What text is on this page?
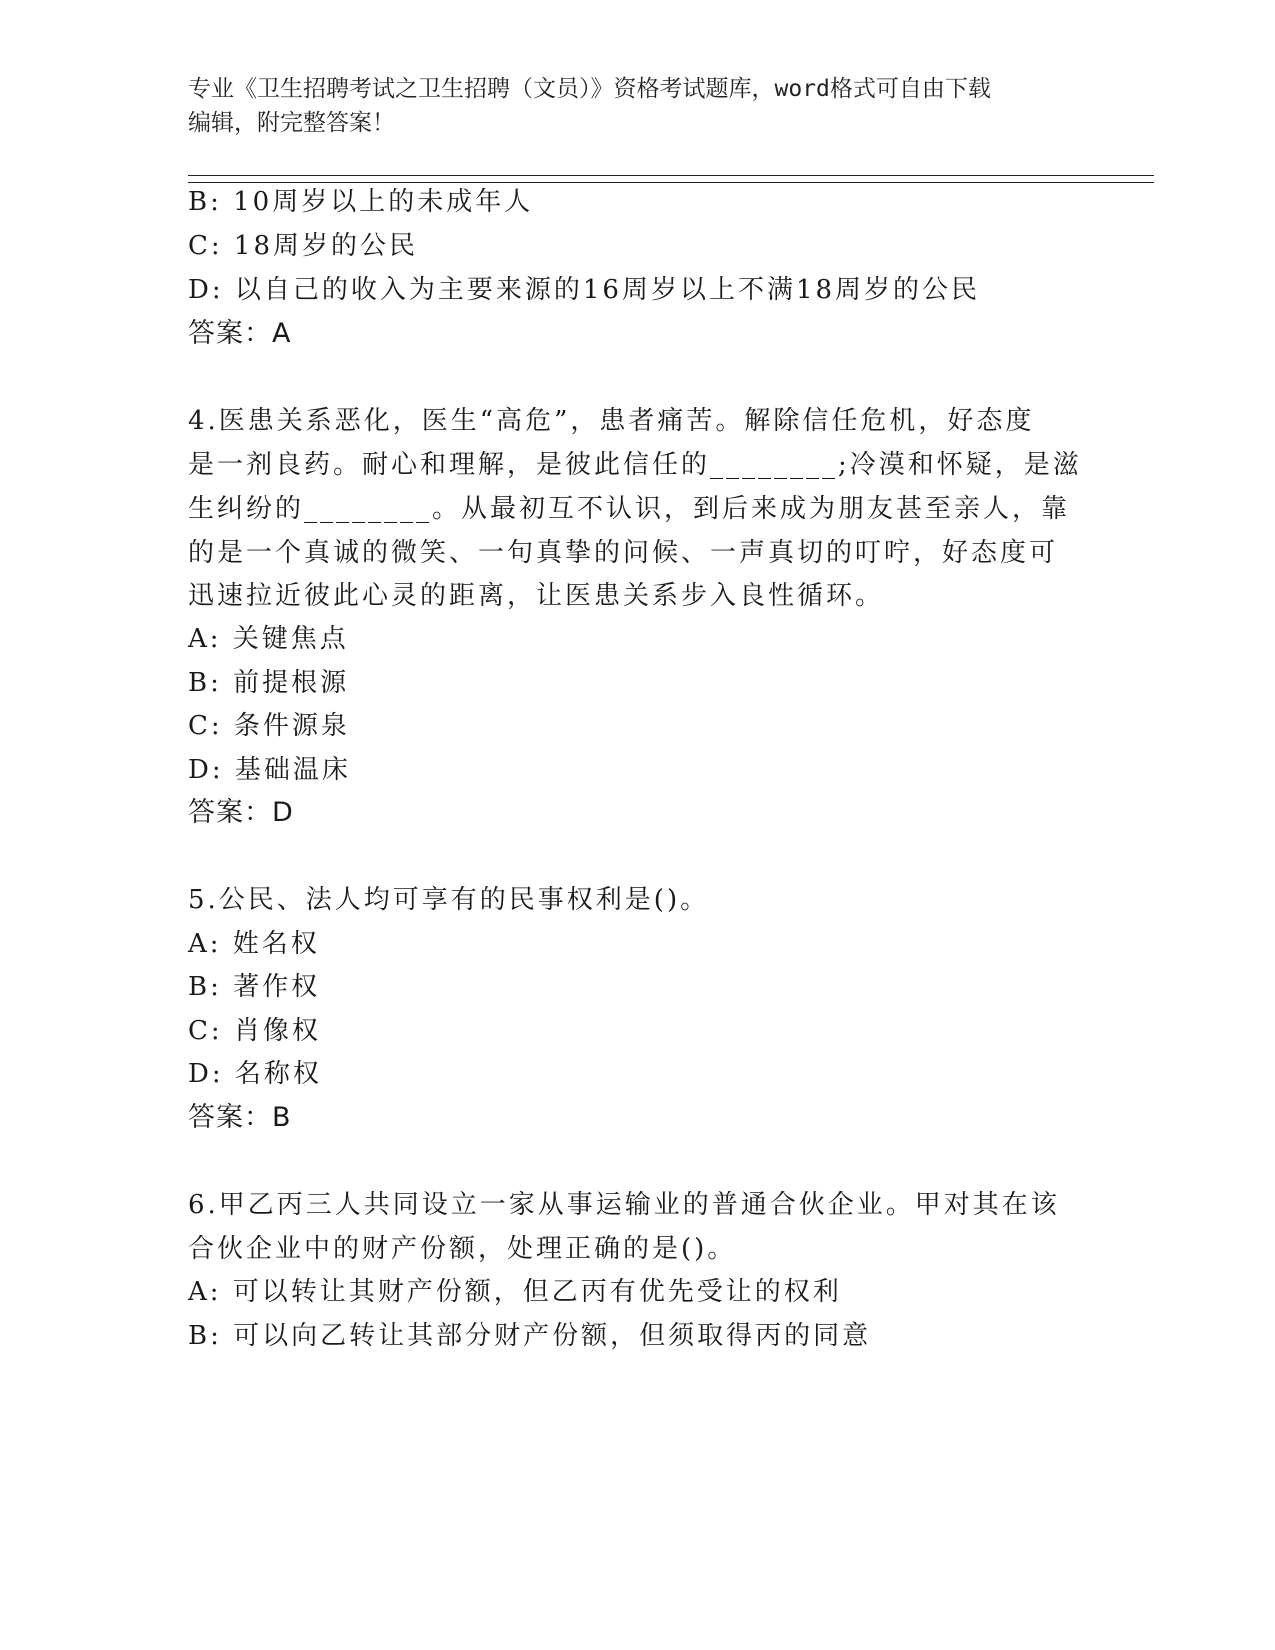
专业《卫生招聘考试之卫生招聘（文员）》资格考试题库，word格式可自由下载
编辑，附完整答案！
B: 10周岁以上的未成年人
C: 18周岁的公民
D: 以自己的收入为主要来源的16周岁以上不满18周岁的公民
答案：A
4.医患关系恶化，医生“高危”，患者痛苦。解除信任危机，好态度
是一剂良药。耐心和理解，是彼此信任的________;冷漠和怀疑，是滋
生纠纷的________。从最初互不认识，到后来成为朋友甚至亲人，靠
的是一个真诚的微笑、一句真挚的问候、一声真切的叮咛，好态度可
迅速拉近彼此心灵的距离，让医患关系步入良性循环。
A: 关键焦点
B: 前提根源
C: 条件源泉
D: 基础温床
答案：D
5.公民、法人均可享有的民事权利是()。
A: 姓名权
B: 著作权
C: 肖像权
D: 名称权
答案：B
6.甲乙丙三人共同设立一家从事运输业的普通合伙企业。甲对其在该
合伙企业中的财产份额，处理正确的是()。
A: 可以转让其财产份额，但乙丙有优先受让的权利
B: 可以向乙转让其部分财产份额，但须取得丙的同意
